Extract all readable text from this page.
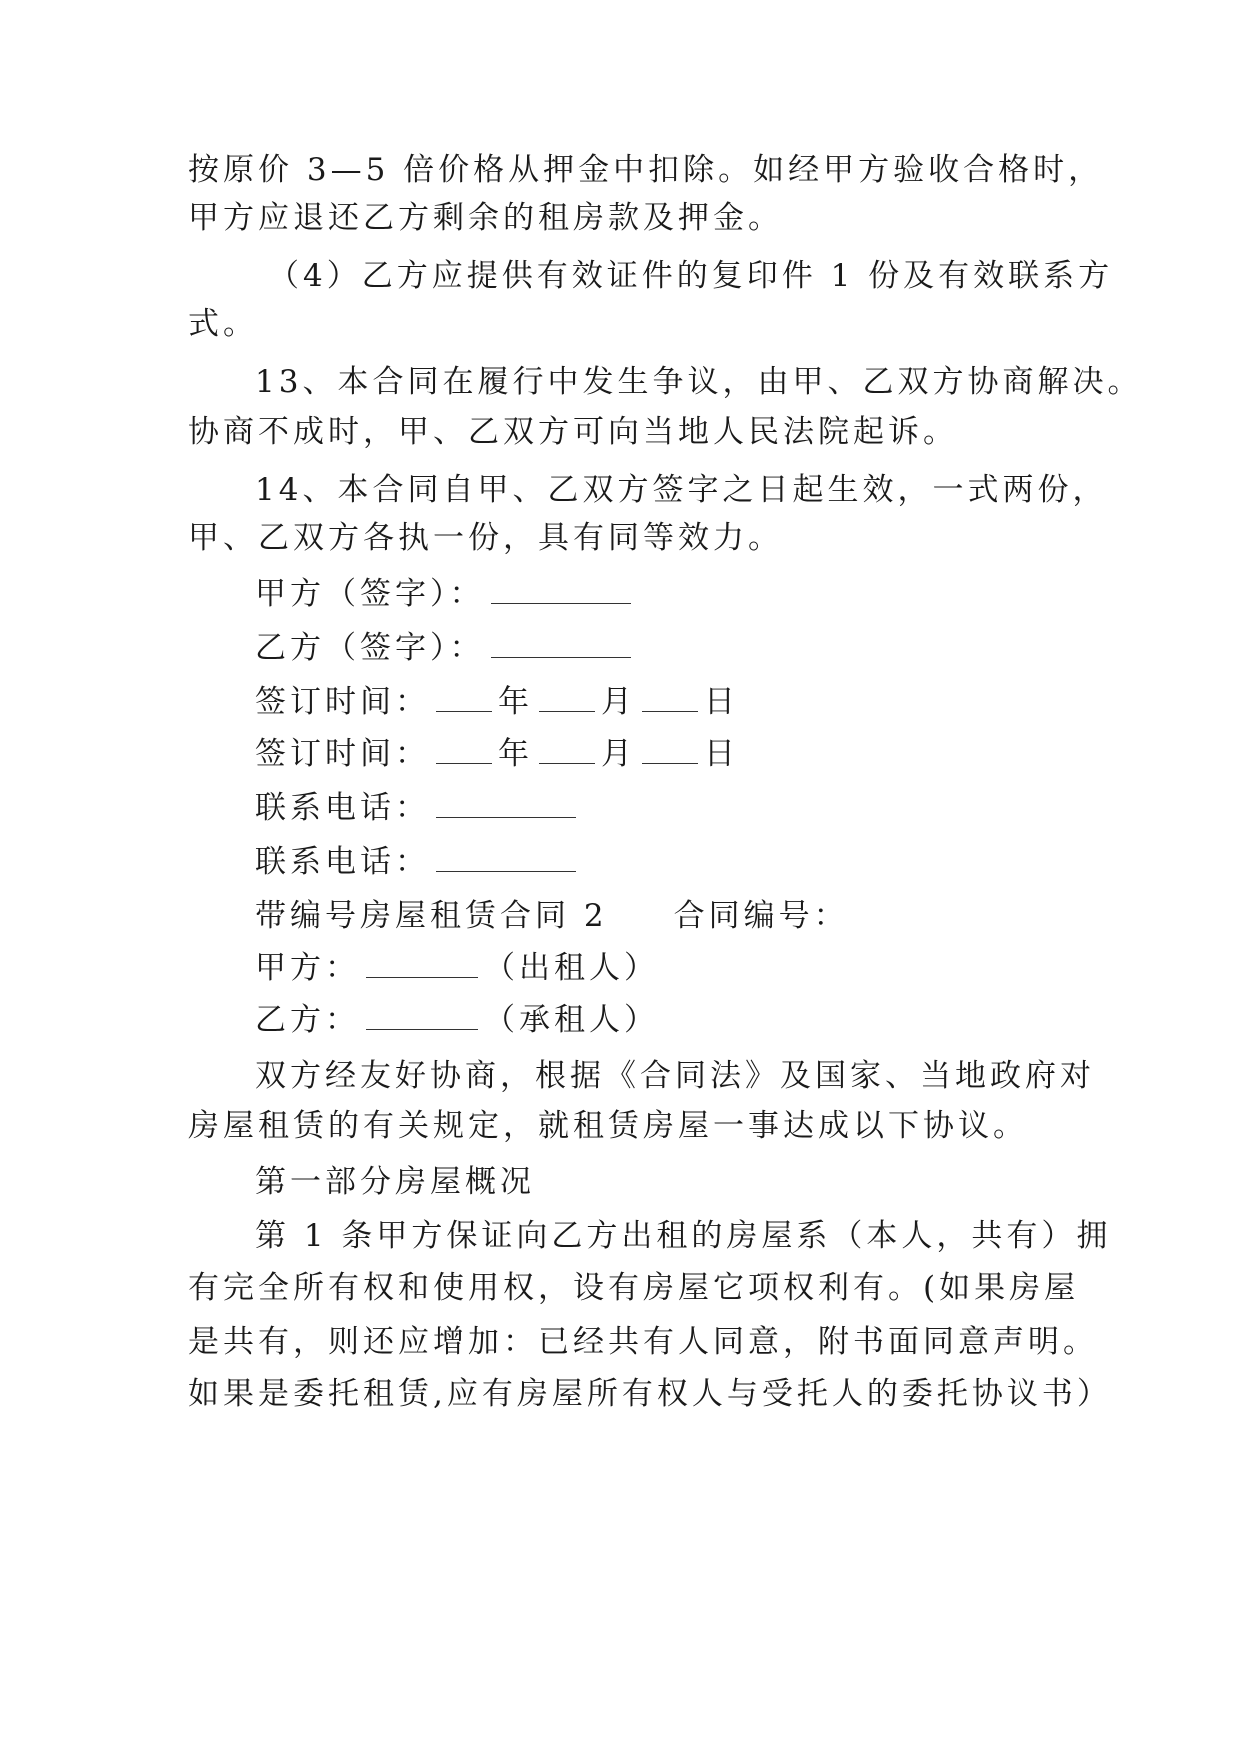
按原价 3—5 倍价格从押金中扣除。如经甲方验收合格时，
甲方应退还乙方剩余的租房款及押金。
（4）乙方应提供有效证件的复印件 1 份及有效联系方
式。
13、本合同在履行中发生争议，由甲、乙双方协商解决。
协商不成时，甲、乙双方可向当地人民法院起诉。
14、本合同自甲、乙双方签字之日起生效，一式两份，
甲、乙双方各执一份，具有同等效力。
甲方（签字）：
乙方（签字）：
签订时间： 年 月 日
签订时间： 年 月 日
联系电话：
联系电话：
带编号房屋租赁合同 2 合同编号：
甲方：	（出租人）
乙方：	（承租人）
双方经友好协商，根据《合同法》及国家、当地政府对
房屋租赁的有关规定，就租赁房屋一事达成以下协议。
第一部分房屋概况
第 1 条甲方保证向乙方出租的房屋系（本人，共有）拥
有完全所有权和使用权，设有房屋它项权利有。(如果房屋
是共有，则还应增加：已经共有人同意，附书面同意声明。
如果是委托租赁,应有房屋所有权人与受托人的委托协议书）
